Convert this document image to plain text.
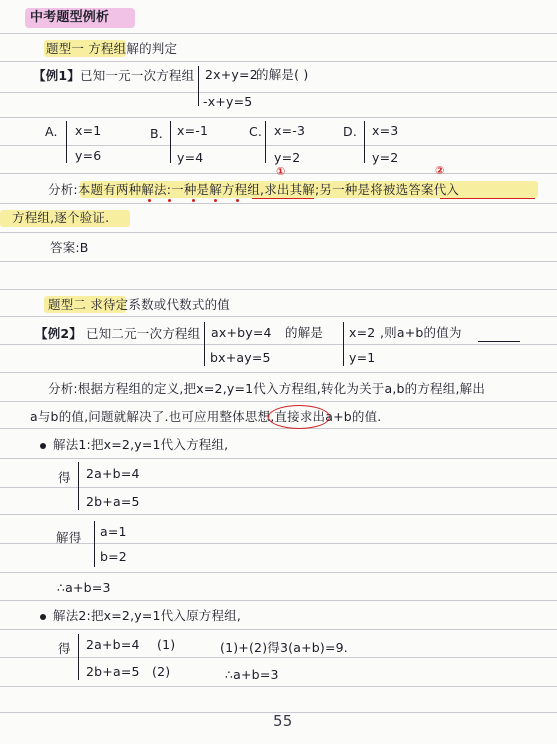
中考题型例析
题型一 方程组解的判定
【例1】 已知一元一次方程组 2x+y=2
的解是( )
-x+y=5
A. x=1
y=6
B. x=-1
y=4
C. x=-3
y=2
D. x=3
y=2
①	②
分析:本题有两种解法:一种是解方程组,求出其解;另一种是将被选答案代入
方程组,逐个验证.
答案:B
题型二 求待定系数或代数式的值
【例2】 已知二元一次方程组 ax+by=4 的解是 x=2 ,则a+b的值为
bx+ay=5	y=1
分析:根据方程组的定义,把x=2,y=1代入方程组,转化为关于a,b的方程组,解出
a与b的值,问题就解决了.也可应用整体思想,直接求出a+b的值.
解法1:把x=2,y=1代入方程组,
得 2a+b=4
2b+a=5
解得 a=1
b=2
∴a+b=3
解法2:把x=2,y=1代入原方程组,
得 2a+b=4 (1)
2b+a=5 (2)
(1)+(2)得3(a+b)=9.
∴a+b=3
55
